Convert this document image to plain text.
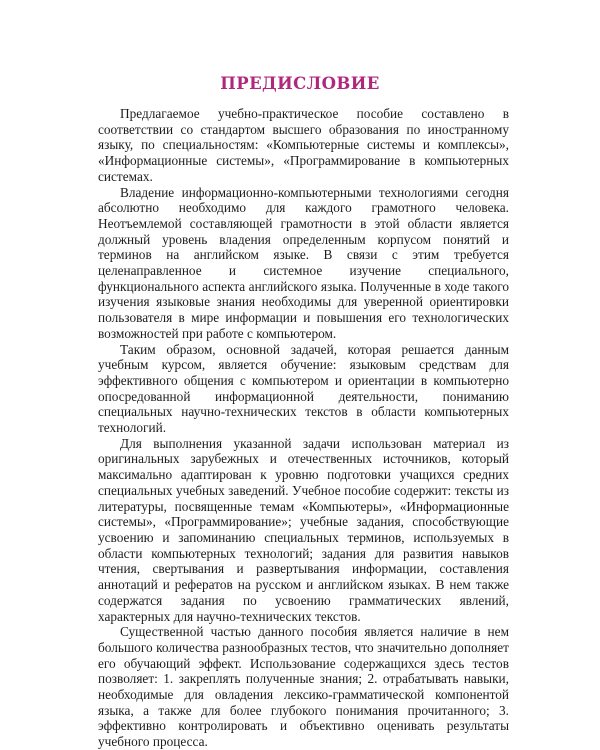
ПРЕДИСЛОВИЕ

Предлагаемое учебно-практическое пособие составлено в соответствии со стандартом высшего образования по иностранному языку, по специальностям: «Компьютерные системы и комплексы», «Информационные системы», «Программирование в компьютерных системах.

Владение информационно-компьютерными технологиями сегодня абсолютно необходимо для каждого грамотного человека. Неотъемлемой составляющей грамотности в этой области является должный уровень владения определенным корпусом понятий и терминов на английском языке. В связи с этим требуется целенаправленное и системное изучение специального, функционального аспекта английского языка. Полученные в ходе такого изучения языковые знания необходимы для уверенной ориентировки пользователя в мире информации и повышения его технологических возможностей при работе с компьютером.

Таким образом, основной задачей, которая решается данным учебным курсом, является обучение: языковым средствам для эффективного общения с компьютером и ориентации в компьютерно опосредованной информационной деятельности, пониманию специальных научно-технических текстов в области компьютерных технологий.

Для выполнения указанной задачи использован материал из оригинальных зарубежных и отечественных источников, который максимально адаптирован к уровню подготовки учащихся средних специальных учебных заведений. Учебное пособие содержит: тексты из литературы, посвященные темам «Компьютеры», «Информационные системы», «Программирование»; учебные задания, способствующие усвоению и запоминанию специальных терминов, используемых в области компьютерных технологий; задания для развития навыков чтения, свертывания и развертывания информации, составления аннотаций и рефератов на русском и английском языках. В нем также содержатся задания по усвоению грамматических явлений, характерных для научно-технических текстов.

Существенной частью данного пособия является наличие в нем большого количества разнообразных тестов, что значительно дополняет его обучающий эффект. Использование содержащихся здесь тестов позволяет: 1. закреплять полученные знания; 2. отрабатывать навыки, необходимые для овладения лексико-грамматической компонентой языка, а также для более глубокого понимания прочитанного; 3. эффективно контролировать и объективно оценивать результаты учебного процесса.
